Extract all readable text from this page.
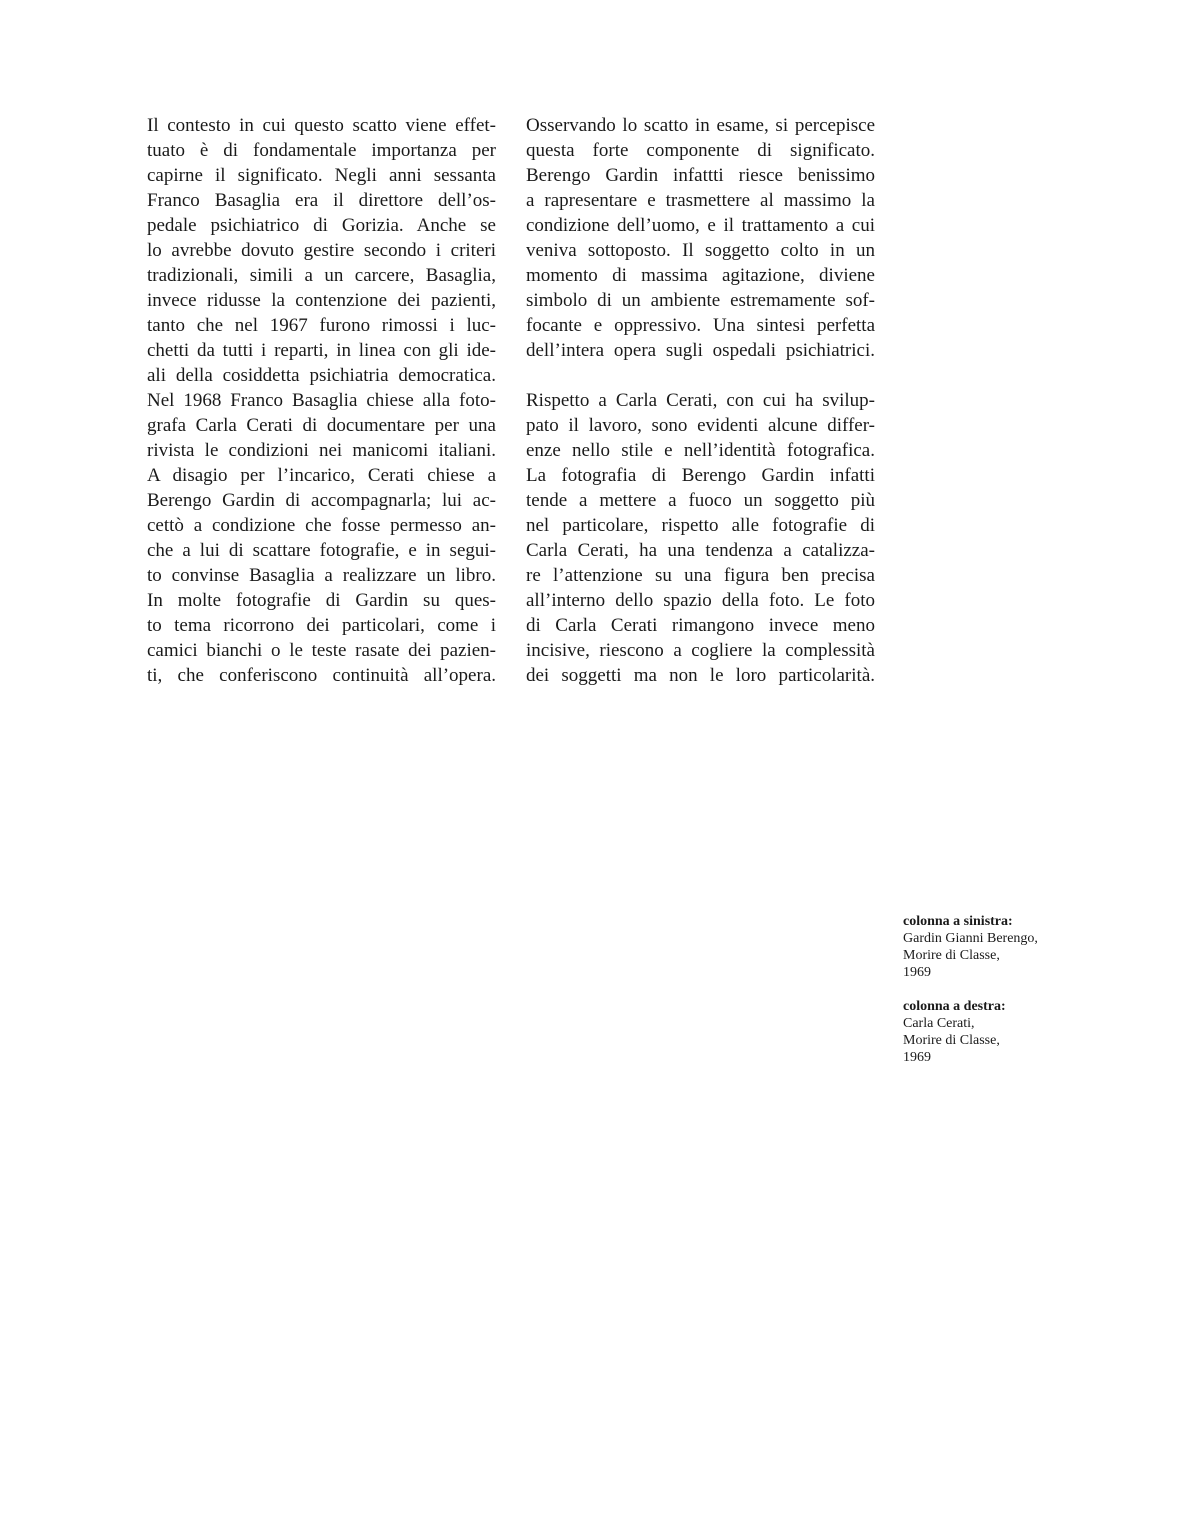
Il contesto in cui questo scatto viene effet-
tuato è di fondamentale importanza per
capirne il significato. Negli anni sessanta
Franco Basaglia era il direttore dell’os-
pedale psichiatrico di Gorizia. Anche se
lo avrebbe dovuto gestire secondo i criteri
tradizionali, simili a un carcere, Basaglia,
invece ridusse la contenzione dei pazienti,
tanto che nel 1967 furono rimossi i luc-
chetti da tutti i reparti, in linea con gli ide-
ali della cosiddetta psichiatria democratica.
Nel 1968 Franco Basaglia chiese alla foto-
grafa Carla Cerati di documentare per una
rivista le condizioni nei manicomi italiani.
A disagio per l’incarico, Cerati chiese a
Berengo Gardin di accompagnarla; lui ac-
cettò a condizione che fosse permesso an-
che a lui di scattare fotografie, e in segui-
to convinse Basaglia a realizzare un libro.
In molte fotografie di Gardin su ques-
to tema ricorrono dei particolari, come i
camici bianchi o le teste rasate dei pazien-
ti, che conferiscono continuità all’opera.
Osservando lo scatto in esame, si percepisce
questa forte componente di significato.
Berengo Gardin infattti riesce benissimo
a rapresentare e trasmettere al massimo la
condizione dell’uomo, e il trattamento a cui
veniva sottoposto. Il soggetto colto in un
momento di massima agitazione, diviene
simbolo di un ambiente estremamente sof-
focante e oppressivo. Una sintesi perfetta
dell’intera opera sugli ospedali psichiatrici.
Rispetto a Carla Cerati, con cui ha svilup-
pato il lavoro, sono evidenti alcune differ-
enze nello stile e nell’identità fotografica.
La fotografia di Berengo Gardin infatti
tende a mettere a fuoco un soggetto più
nel particolare, rispetto alle fotografie di
Carla Cerati, ha una tendenza a catalizza-
re l’attenzione su una figura ben precisa
all’interno dello spazio della foto. Le foto
di Carla Cerati rimangono invece meno
incisive, riescono a cogliere la complessità
dei soggetti ma non le loro particolarità.
colonna a sinistra:
Gardin Gianni Berengo,
Morire di Classe,
1969
colonna a destra:
Carla Cerati,
Morire di Classe,
1969
